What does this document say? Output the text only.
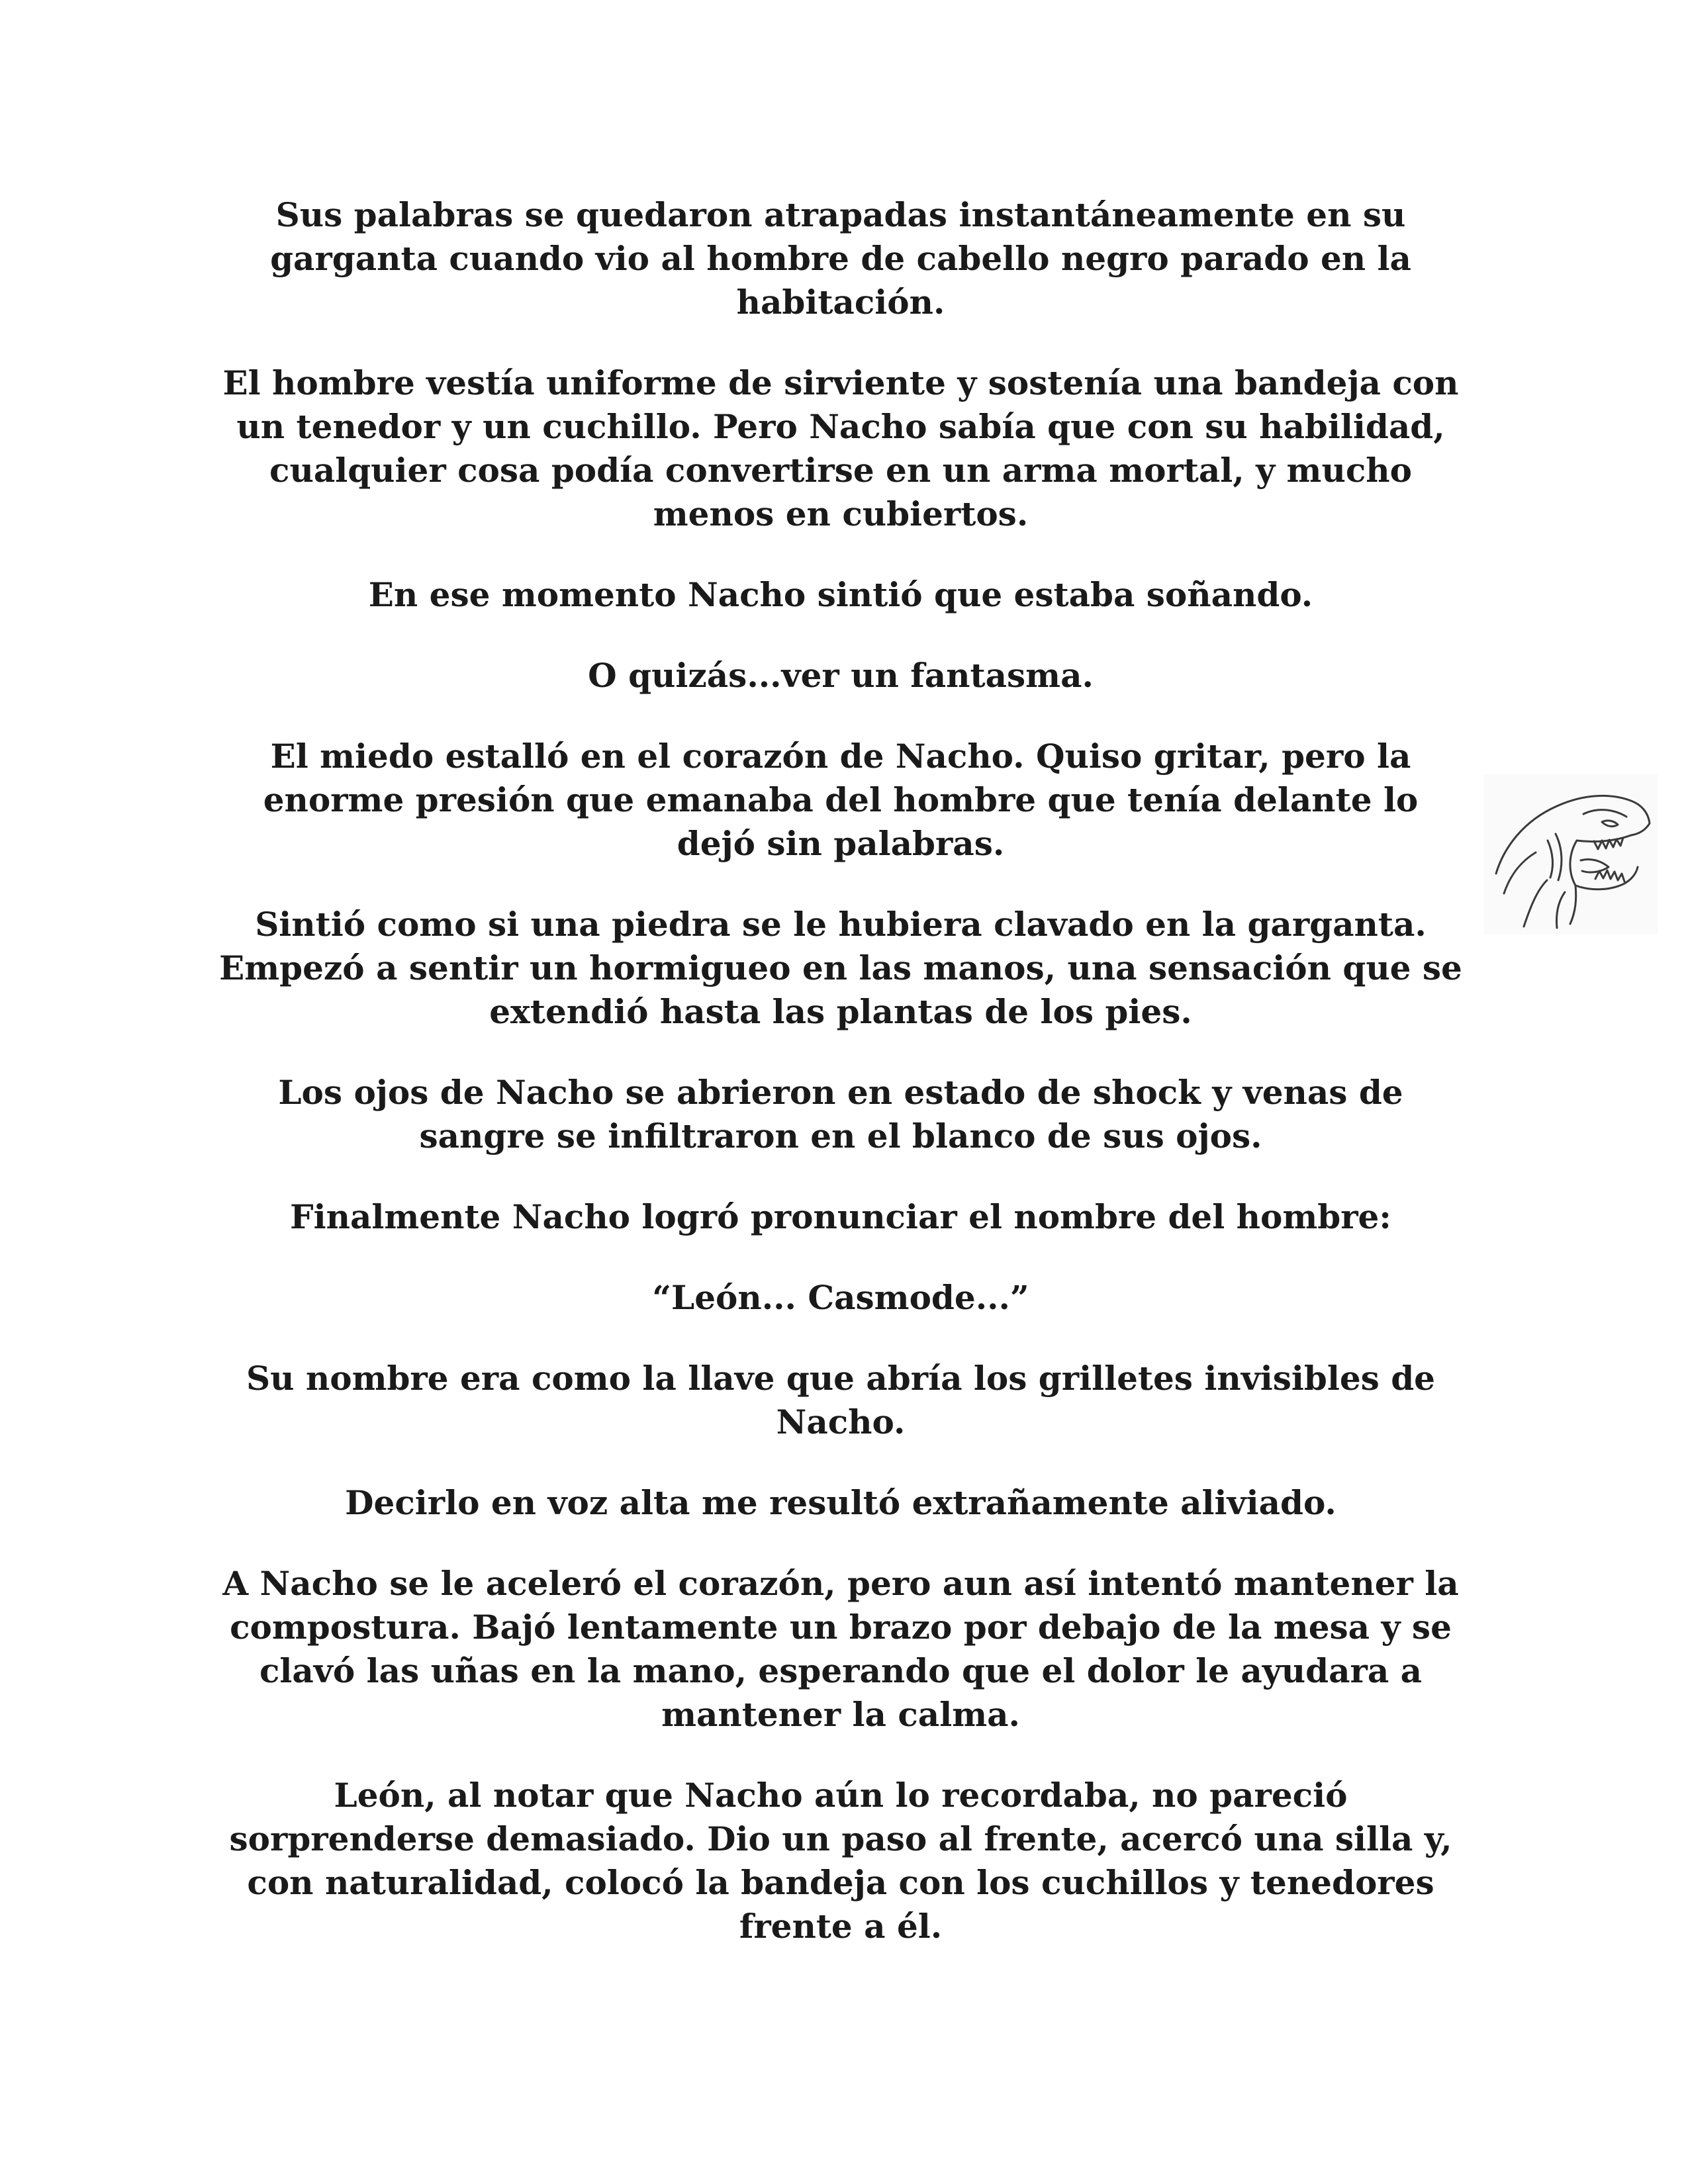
Sus palabras se quedaron atrapadas instantáneamente en su garganta cuando vio al hombre de cabello negro parado en la habitación.

El hombre vestía uniforme de sirviente y sostenía una bandeja con un tenedor y un cuchillo. Pero Nacho sabía que con su habilidad, cualquier cosa podía convertirse en un arma mortal, y mucho menos en cubiertos.

En ese momento Nacho sintió que estaba soñando.

O quizás...ver un fantasma.

El miedo estalló en el corazón de Nacho. Quiso gritar, pero la enorme presión que emanaba del hombre que tenía delante lo dejó sin palabras.

Sintió como si una piedra se le hubiera clavado en la garganta. Empezó a sentir un hormigueo en las manos, una sensación que se extendió hasta las plantas de los pies.

Los ojos de Nacho se abrieron en estado de shock y venas de sangre se infiltraron en el blanco de sus ojos.

Finalmente Nacho logró pronunciar el nombre del hombre:

“León... Casmode...”

Su nombre era como la llave que abría los grilletes invisibles de Nacho.

Decirlo en voz alta me resultó extrañamente aliviado.

A Nacho se le aceleró el corazón, pero aun así intentó mantener la compostura. Bajó lentamente un brazo por debajo de la mesa y se clavó las uñas en la mano, esperando que el dolor le ayudara a mantener la calma.

León, al notar que Nacho aún lo recordaba, no pareció sorprenderse demasiado. Dio un paso al frente, acercó una silla y, con naturalidad, colocó la bandeja con los cuchillos y tenedores frente a él.
